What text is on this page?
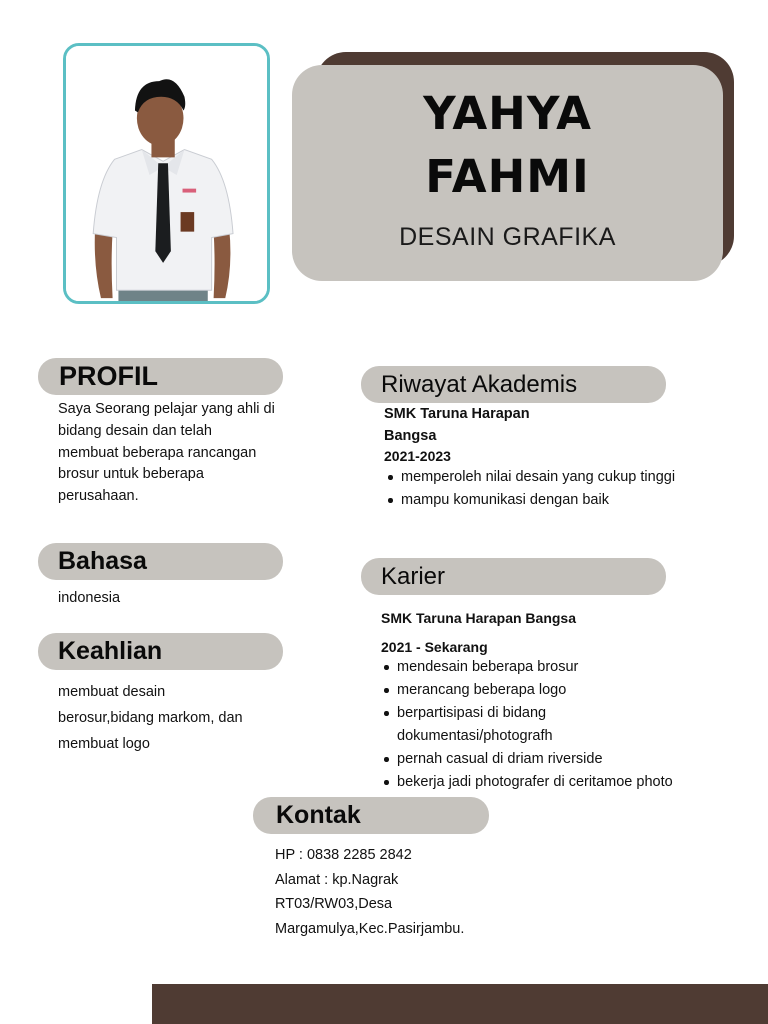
YAHYA
FAHMI
DESAIN GRAFIKA
PROFIL
Saya Seorang pelajar yang ahli di
bidang desain dan telah
membuat beberapa rancangan
brosur untuk beberapa
perusahaan.
Bahasa
indonesia
Keahlian
membuat desain
berosur,bidang markom, dan
membuat logo
Riwayat Akademis
SMK Taruna Harapan
Bangsa
2021-2023
memperoleh nilai desain yang cukup tinggi
mampu komunikasi dengan baik
Karier
SMK Taruna Harapan Bangsa
2021 - Sekarang
mendesain beberapa brosur
merancang beberapa logo
berpartisipasi di bidang
dokumentasi/photografh
pernah casual di driam riverside
bekerja jadi photografer di ceritamoe photo
Kontak
HP : 0838 2285 2842
Alamat : kp.Nagrak
RT03/RW03,Desa
Margamulya,Kec.Pasirjambu.
